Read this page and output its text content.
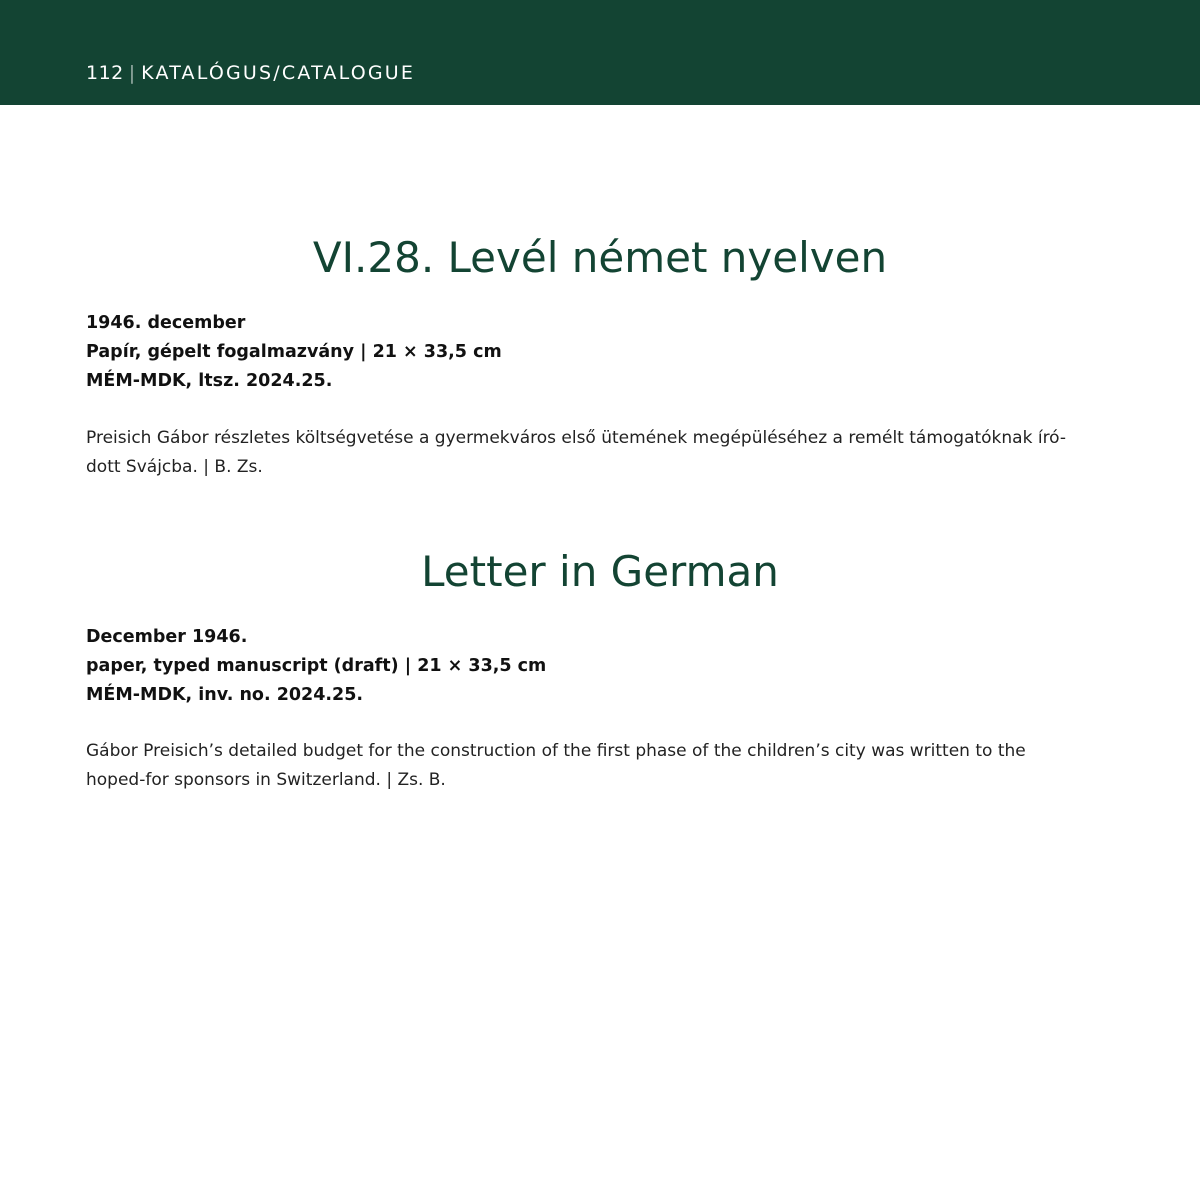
112 | KATALÓGUS/CATALOGUE
VI.28. Levél német nyelven
1946. december
Papír, gépelt fogalmazvány | 21 × 33,5 cm
MÉM-MDK, ltsz. 2024.25.
Preisich Gábor részletes költségvetése a gyermekváros első ütemének megépüléséhez a remélt támogatóknak író-
dott Svájcba. | B. Zs.
Letter in German
December 1946.
paper, typed manuscript (draft) | 21 × 33,5 cm
MÉM-MDK, inv. no. 2024.25.
Gábor Preisich’s detailed budget for the construction of the first phase of the children’s city was written to the
hoped-for sponsors in Switzerland. | Zs. B.
